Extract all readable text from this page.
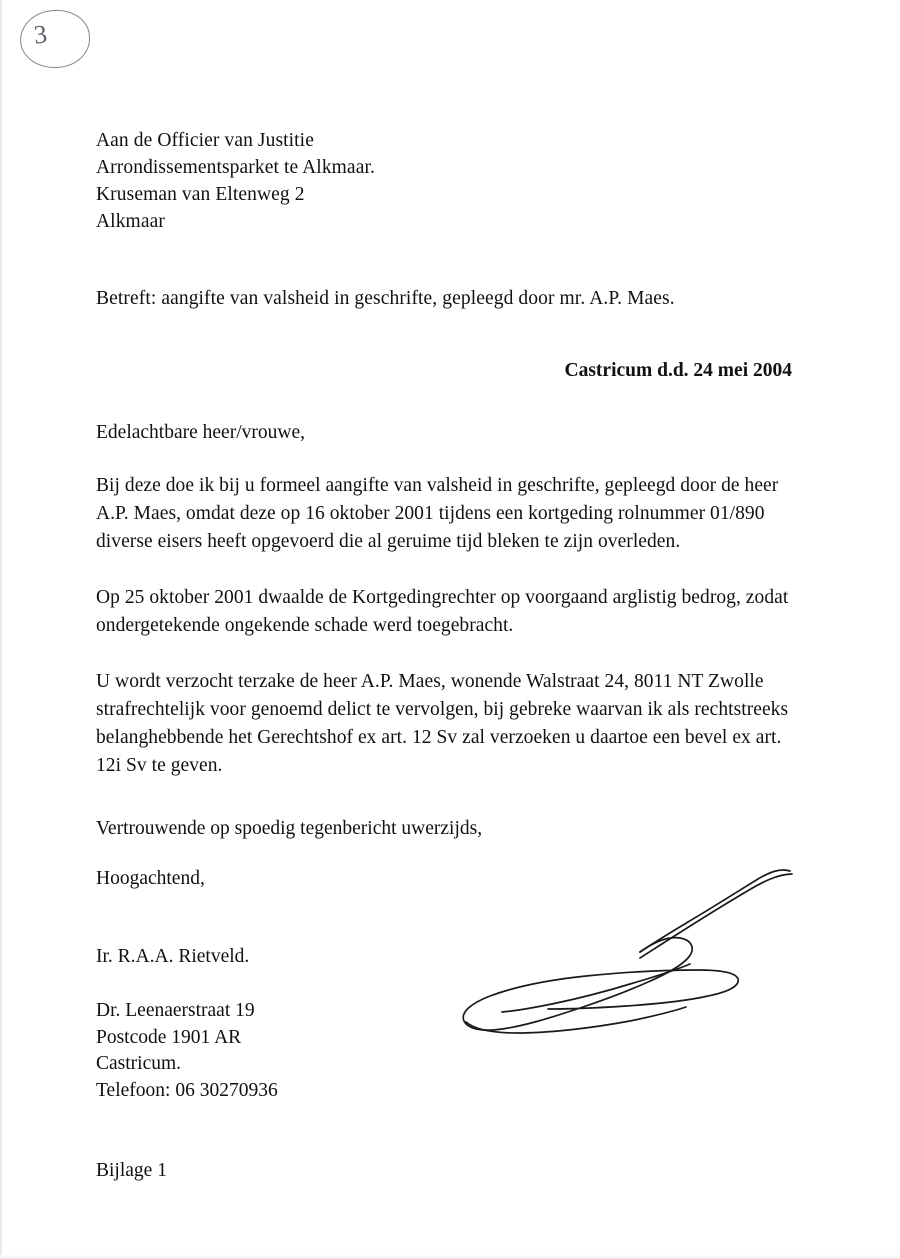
3
Aan de Officier van Justitie
Arrondissementsparket te Alkmaar.
Kruseman van Eltenweg 2
Alkmaar
Betreft: aangifte van valsheid in geschrifte, gepleegd door mr. A.P. Maes.
Castricum d.d. 24 mei 2004
Edelachtbare heer/vrouwe,
Bij deze doe ik bij u formeel aangifte van valsheid in geschrifte, gepleegd door de heer A.P. Maes, omdat deze op 16 oktober 2001 tijdens een kortgeding rolnummer 01/890 diverse eisers heeft opgevoerd die al geruime tijd bleken te zijn overleden.
Op 25 oktober 2001 dwaalde de Kortgedingrechter op voorgaand arglistig bedrog, zodat ondergetekende ongekende schade werd toegebracht.
U wordt verzocht terzake de heer A.P. Maes, wonende Walstraat 24, 8011 NT Zwolle strafrechtelijk voor genoemd delict te vervolgen, bij gebreke waarvan ik als rechtstreeks belanghebbende het Gerechtshof ex art. 12 Sv zal verzoeken u daartoe een bevel ex art. 12i Sv te geven.
Vertrouwende op spoedig tegenbericht uwerzijds,
Hoogachtend,
Ir. R.A.A. Rietveld.
Dr. Leenaerstraat 19
Postcode 1901 AR
Castricum.
Telefoon: 06 30270936
Bijlage 1
